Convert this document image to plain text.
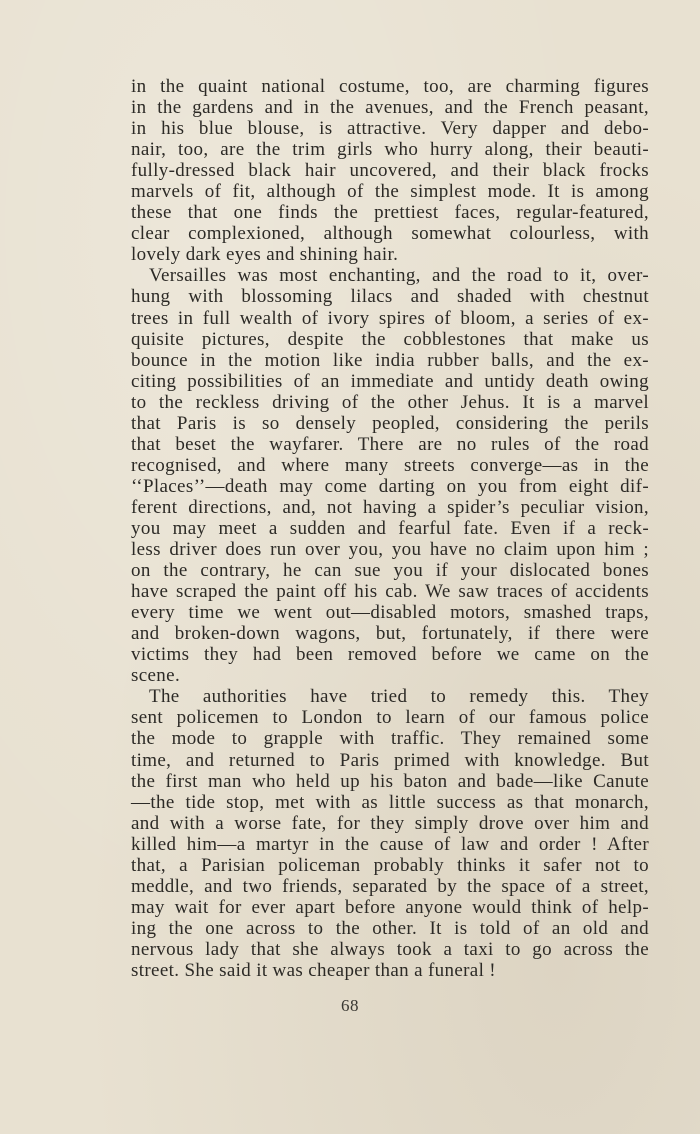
in the quaint national costume, too, are charming figures
in the gardens and in the avenues, and the French peasant,
in his blue blouse, is attractive. Very dapper and debo-
nair, too, are the trim girls who hurry along, their beauti-
fully-dressed black hair uncovered, and their black frocks
marvels of fit, although of the simplest mode. It is among
these that one finds the prettiest faces, regular-featured,
clear complexioned, although somewhat colourless, with
lovely dark eyes and shining hair.

Versailles was most enchanting, and the road to it, over-
hung with blossoming lilacs and shaded with chestnut
trees in full wealth of ivory spires of bloom, a series of ex-
quisite pictures, despite the cobblestones that make us
bounce in the motion like india rubber balls, and the ex-
citing possibilities of an immediate and untidy death owing
to the reckless driving of the other Jehus. It is a marvel
that Paris is so densely peopled, considering the perils
that beset the wayfarer. There are no rules of the road
recognised, and where many streets converge—as in the
‘‘Places’’—death may come darting on you from eight dif-
ferent directions, and, not having a spider’s peculiar vision,
you may meet a sudden and fearful fate. Even if a reck-
less driver does run over you, you have no claim upon him ;
on the contrary, he can sue you if your dislocated bones
have scraped the paint off his cab. We saw traces of accidents
every time we went out—disabled motors, smashed traps,
and broken-down wagons, but, fortunately, if there were
victims they had been removed before we came on the
scene.

The authorities have tried to remedy this. They
sent policemen to London to learn of our famous police
the mode to grapple with traffic. They remained some
time, and returned to Paris primed with knowledge. But
the first man who held up his baton and bade—like Canute
—the tide stop, met with as little success as that monarch,
and with a worse fate, for they simply drove over him and
killed him—a martyr in the cause of law and order ! After
that, a Parisian policeman probably thinks it safer not to
meddle, and two friends, separated by the space of a street,
may wait for ever apart before anyone would think of help-
ing the one across to the other. It is told of an old and
nervous lady that she always took a taxi to go across the
street. She said it was cheaper than a funeral !

68
